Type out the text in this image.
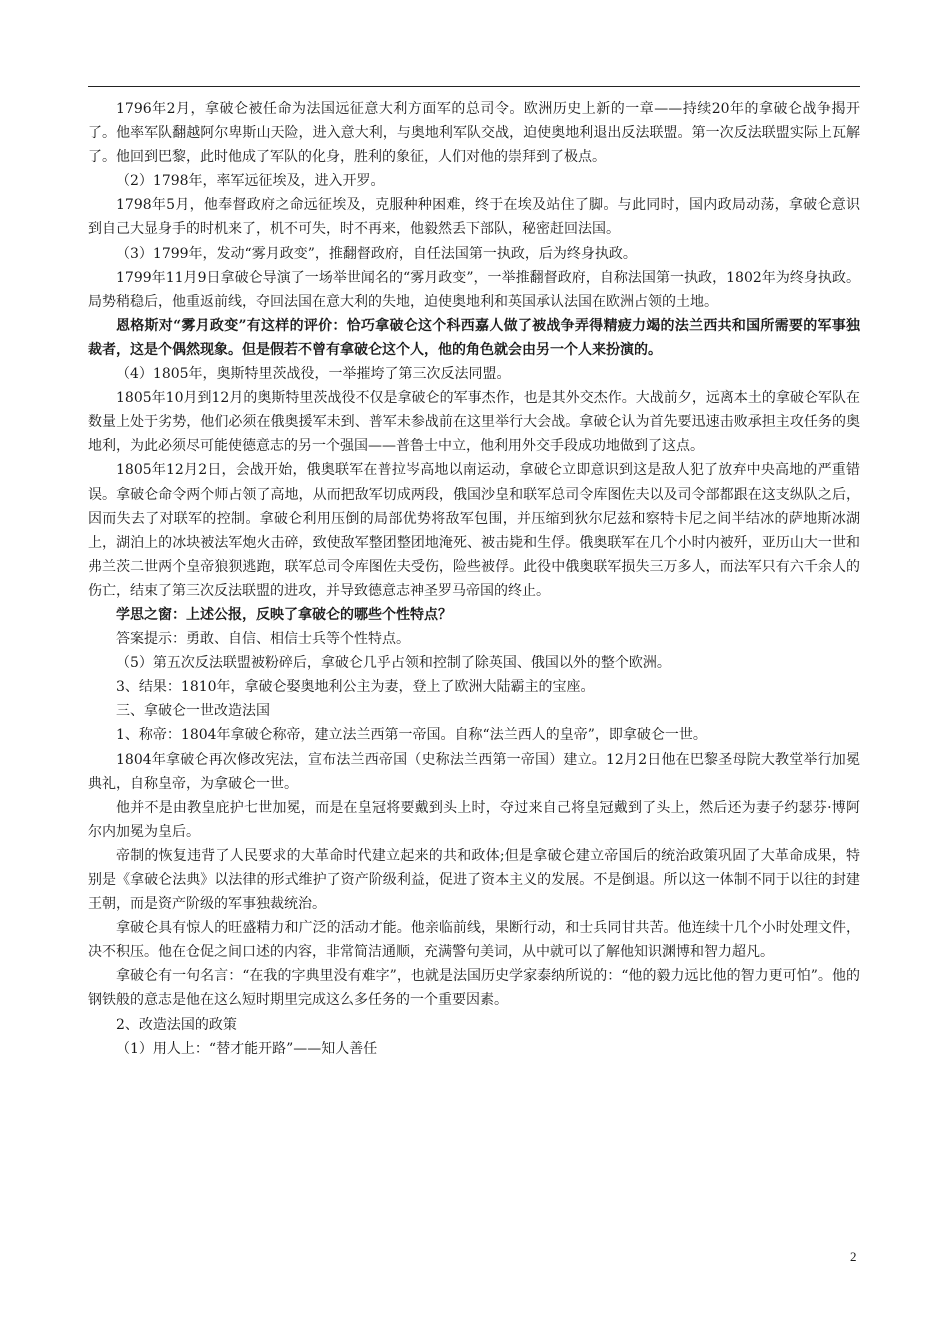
1796年2月，拿破仑被任命为法国远征意大利方面军的总司令。欧洲历史上新的一章——持续20年的拿破仑战争揭开了。他率军队翻越阿尔卑斯山天险，进入意大利，与奥地利军队交战，迫使奥地利退出反法联盟。第一次反法联盟实际上瓦解了。他回到巴黎，此时他成了军队的化身，胜利的象征，人们对他的崇拜到了极点。

（2）1798年，率军远征埃及，进入开罗。

1798年5月，他奉督政府之命远征埃及，克服种种困难，终于在埃及站住了脚。与此同时，国内政局动荡，拿破仑意识到自己大显身手的时机来了，机不可失，时不再来，他毅然丢下部队，秘密赶回法国。

（3）1799年，发动“雾月政变”，推翻督政府，自任法国第一执政，后为终身执政。

1799年11月9日拿破仑导演了一场举世闻名的“雾月政变”，一举推翻督政府，自称法国第一执政，1802年为终身执政。局势稍稳后，他重返前线，夺回法国在意大利的失地，迫使奥地利和英国承认法国在欧洲占领的土地。

恩格斯对“雾月政变”有这样的评价：恰巧拿破仑这个科西嘉人做了被战争弄得精疲力竭的法兰西共和国所需要的军事独裁者，这是个偶然现象。但是假若不曾有拿破仑这个人，他的角色就会由另一个人来扮演的。

（4）1805年，奥斯特里茨战役，一举摧垮了第三次反法同盟。

1805年10月到12月的奥斯特里茨战役不仅是拿破仑的军事杰作，也是其外交杰作。大战前夕，远离本土的拿破仑军队在数量上处于劣势，他们必须在俄奥援军未到、普军未参战前在这里举行大会战。拿破仑认为首先要迅速击败承担主攻任务的奥地利，为此必须尽可能使德意志的另一个强国——普鲁士中立，他利用外交手段成功地做到了这点。

1805年12月2日，会战开始，俄奥联军在普拉岑高地以南运动，拿破仑立即意识到这是敌人犯了放弃中央高地的严重错误。拿破仑命令两个师占领了高地，从而把敌军切成两段，俄国沙皇和联军总司令库图佐夫以及司令部都跟在这支纵队之后，因而失去了对联军的控制。拿破仑利用压倒的局部优势将敌军包围，并压缩到狄尔尼兹和察特卡尼之间半结冰的萨地斯冰湖上，湖泊上的冰块被法军炮火击碎，致使敌军整团整团地淹死、被击毙和生俘。俄奥联军在几个小时内被歼，亚历山大一世和弗兰茨二世两个皇帝狼狈逃跑，联军总司令库图佐夫受伤，险些被俘。此役中俄奥联军损失三万多人，而法军只有六千余人的伤亡，结束了第三次反法联盟的进攻，并导致德意志神圣罗马帝国的终止。

学思之窗：上述公报，反映了拿破仑的哪些个性特点？

答案提示：勇敢、自信、相信士兵等个性特点。

（5）第五次反法联盟被粉碎后，拿破仑几乎占领和控制了除英国、俄国以外的整个欧洲。

3、结果：1810年，拿破仑娶奥地利公主为妻，登上了欧洲大陆霸主的宝座。

三、拿破仑一世改造法国

1、称帝：1804年拿破仑称帝，建立法兰西第一帝国。自称“法兰西人的皇帝”，即拿破仑一世。

1804年拿破仑再次修改宪法，宣布法兰西帝国（史称法兰西第一帝国）建立。12月2日他在巴黎圣母院大教堂举行加冕典礼，自称皇帝，为拿破仑一世。

他并不是由教皇庇护七世加冕，而是在皇冠将要戴到头上时，夺过来自己将皇冠戴到了头上，然后还为妻子约瑟芬·博阿尔内加冕为皇后。

帝制的恢复违背了人民要求的大革命时代建立起来的共和政体;但是拿破仑建立帝国后的统治政策巩固了大革命成果，特别是《拿破仑法典》以法律的形式维护了资产阶级利益，促进了资本主义的发展。不是倒退。所以这一体制不同于以往的封建王朝，而是资产阶级的军事独裁统治。

拿破仑具有惊人的旺盛精力和广泛的活动才能。他亲临前线，果断行动，和士兵同甘共苦。他连续十几个小时处理文件，决不积压。他在仓促之间口述的内容，非常简洁通顺，充满警句美词，从中就可以了解他知识渊博和智力超凡。

拿破仑有一句名言：“在我的字典里没有难字”，也就是法国历史学家泰纳所说的：“他的毅力远比他的智力更可怕”。他的钢铁般的意志是他在这么短时期里完成这么多任务的一个重要因素。

2、改造法国的政策

（1）用人上：“替才能开路”——知人善任

2
